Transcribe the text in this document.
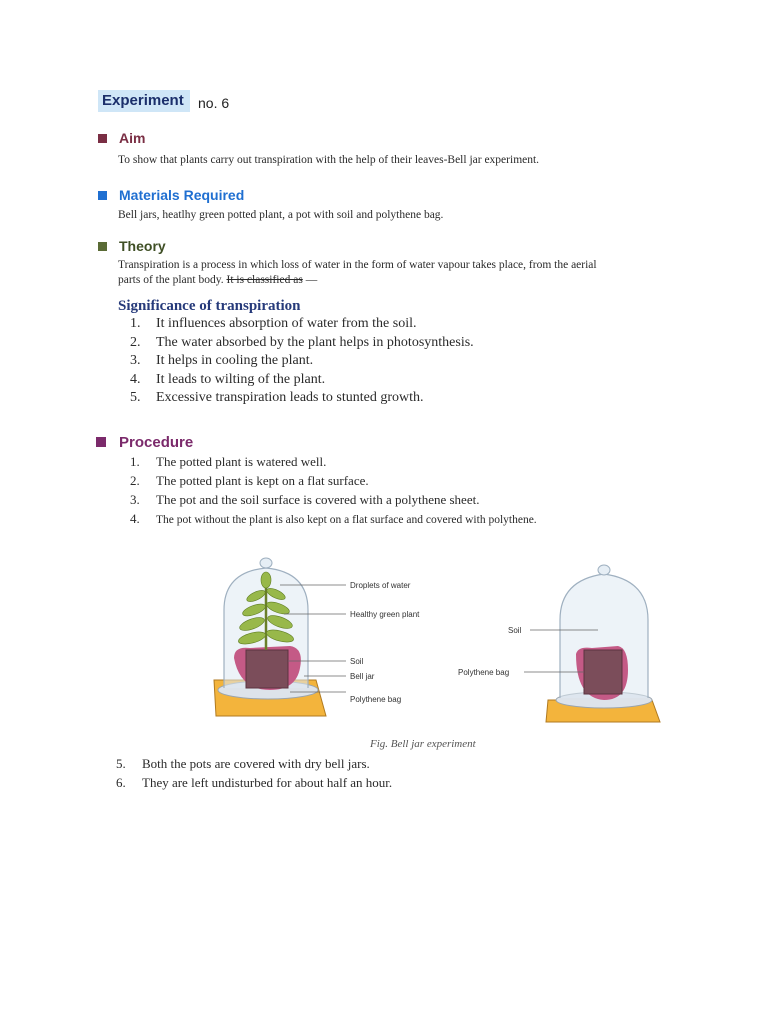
Experiment	no. 6
Aim
To show that plants carry out transpiration with the help of their leaves-Bell jar experiment.
Materials Required
Bell jars, heatlhy green potted plant, a pot with soil and polythene bag.
Theory
Transpiration is a process in which loss of water in the form of water vapour takes place, from the aerial
parts of the plant body. It is classified as —
Significance of transpiration
1. It influences absorption of water from the soil.
2. The water absorbed by the plant helps in photosynthesis.
3. It helps in cooling the plant.
4. It leads to wilting of the plant.
5. Excessive transpiration leads to stunted growth.
Procedure
1. The potted plant is watered well.
2. The potted plant is kept on a flat surface.
3. The pot and the soil surface is covered with a polythene sheet.
4. The pot without the plant is also kept on a flat surface and covered with polythene.
Droplets of water
Healthy green plant
Soil
Bell jar
Polythene bag
Soil
Polythene bag
Fig. Bell jar experiment
5. Both the pots are covered with dry bell jars.
6. They are left undisturbed for about half an hour.
